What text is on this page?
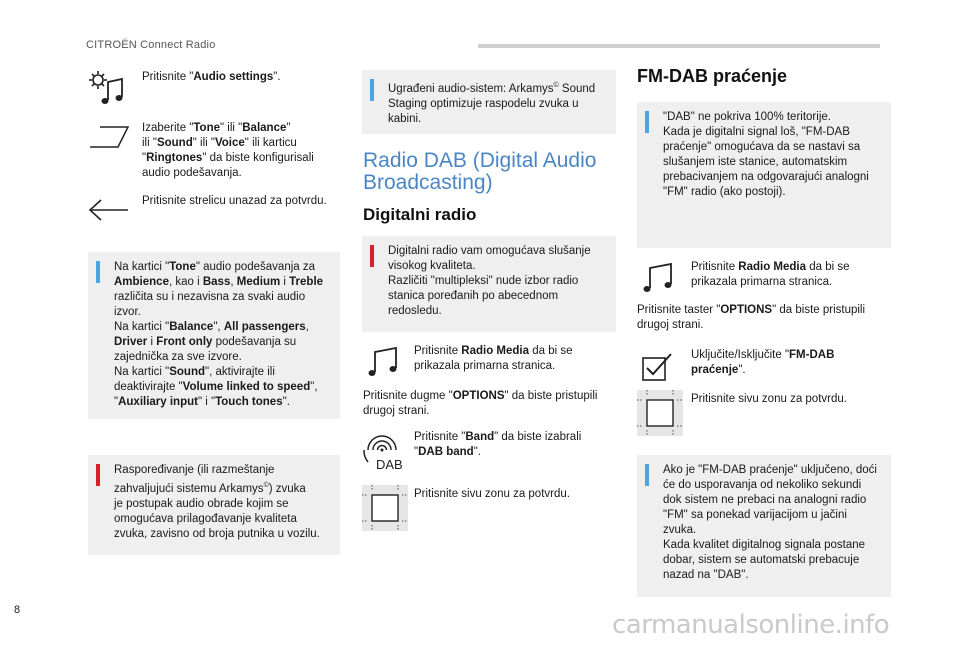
CITROËN Connect Radio
Pritisnite "Audio settings".
Izaberite "Tone" ili "Balance"
ili "Sound" ili "Voice" ili karticu
"Ringtones" da biste konfigurisali
audio podešavanja.
Pritisnite strelicu unazad za potvrdu.

Na kartici "Tone" audio podešavanja za

Ambience, kao i Bass, Medium i Treble

različita su i nezavisna za svaki audio

izvor.

Na kartici "Balance", All passengers,

Driver i Front only podešavanja su

zajednička za sve izvore.

Na kartici "Sound", aktivirajte ili

deaktivirajte "Volume linked to speed",

"Auxiliary input" i "Touch tones".

Raspoređivanje (ili razmeštanje

zahvaljujući sistemu Arkamys©) zvuka

je postupak audio obrade kojim se

omogućava prilagođavanje kvaliteta

zvuka, zavisno od broja putnika u vozilu.

Ugrađeni audio-sistem: Arkamys© Sound

Staging optimizuje raspodelu zvuka u

kabini.

Radio DAB (Digital Audio
Broadcasting)
Digitalni radio

Digitalni radio vam omogućava slušanje

visokog kvaliteta.

Različiti "multipleksi" nude izbor radio

stanica poređanih po abecednom

redosledu.

Pritisnite Radio Media da bi se
prikazala primarna stranica.
Pritisnite dugme "OPTIONS" da biste pristupili
drugoj strani.
DAB
Pritisnite "Band" da biste izabrali
"DAB band".
Pritisnite sivu zonu za potvrdu.
FM-DAB praćenje

"DAB" ne pokriva 100% teritorije.

Kada je digitalni signal loš, "FM-DAB

praćenje" omogućava da se nastavi sa

slušanjem iste stanice, automatskim

prebacivanjem na odgovarajući analogni

"FM" radio (ako postoji).

Pritisnite Radio Media da bi se
prikazala primarna stranica.
Pritisnite taster "OPTIONS" da biste pristupili
drugoj strani.
Uključite/Isključite "FM-DAB
praćenje".
Pritisnite sivu zonu za potvrdu.

Ako je "FM-DAB praćenje" uključeno, doći

će do usporavanja od nekoliko sekundi

dok sistem ne prebaci na analogni radio

"FM" sa ponekad varijacijom u jačini

zvuka.

Kada kvalitet digitalnog signala postane

dobar, sistem se automatski prebacuje

nazad na "DAB".

8	carmanualsonline.info
